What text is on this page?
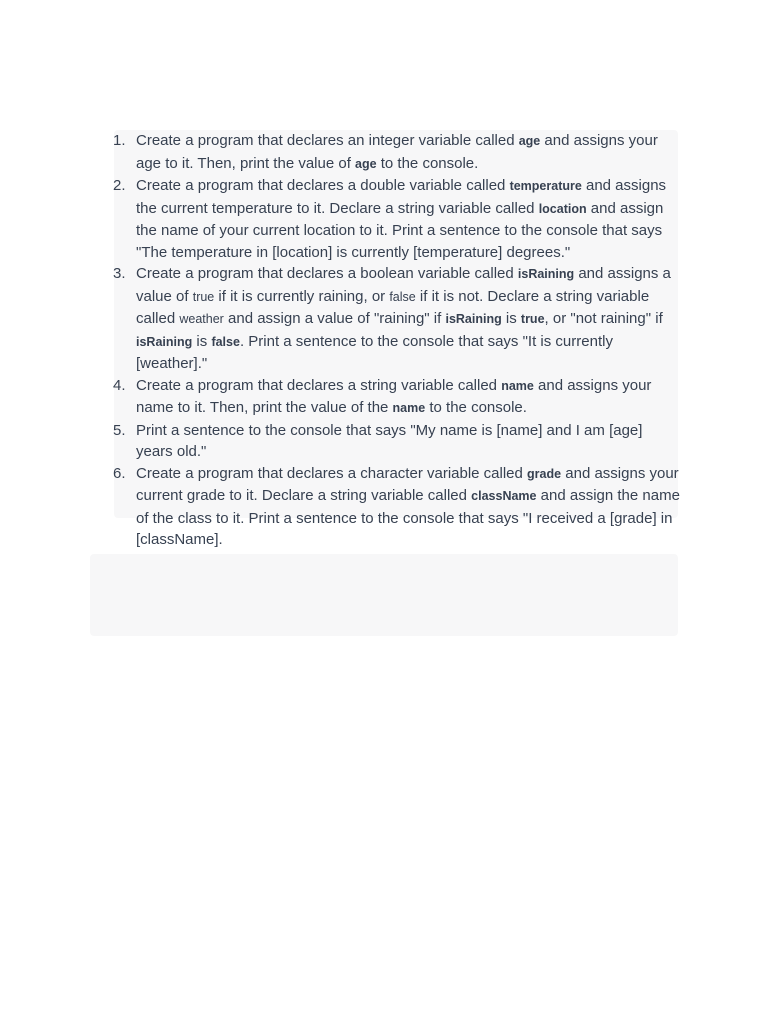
1. Create a program that declares an integer variable called age and assigns your age to it. Then, print the value of age to the console.
2. Create a program that declares a double variable called temperature and assigns the current temperature to it. Declare a string variable called location and assign the name of your current location to it. Print a sentence to the console that says "The temperature in [location] is currently [temperature] degrees."
3. Create a program that declares a boolean variable called isRaining and assigns a value of true if it is currently raining, or false if it is not. Declare a string variable called weather and assign a value of "raining" if isRaining is true, or "not raining" if isRaining is false. Print a sentence to the console that says "It is currently [weather]."
4. Create a program that declares a string variable called name and assigns your name to it. Then, print the value of the name to the console.
5. Print a sentence to the console that says "My name is [name] and I am [age] years old."
6. Create a program that declares a character variable called grade and assigns your current grade to it. Declare a string variable called className and assign the name of the class to it. Print a sentence to the console that says "I received a [grade] in [className].
